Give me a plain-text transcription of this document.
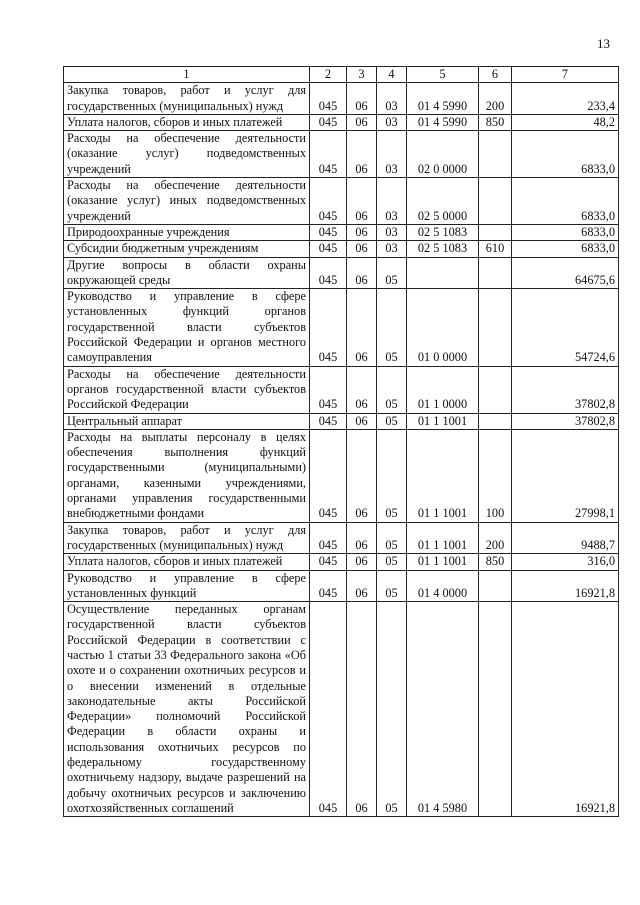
13
1	2	3	4	5	6	7
Закупка товаров, работ и услуг для государственных (муниципальных) нужд	045	06	03	01 4 5990	200	233,4
Уплата налогов, сборов и иных платежей	045	06	03	01 4 5990	850	48,2
Расходы на обеспечение деятельности (оказание услуг) подведомственных учреждений	045	06	03	02 0 0000		6833,0
Расходы на обеспечение деятельности (оказание услуг) иных подведомственных учреждений	045	06	03	02 5 0000		6833,0
Природоохранные учреждения	045	06	03	02 5 1083		6833,0
Субсидии бюджетным учреждениям	045	06	03	02 5 1083	610	6833,0
Другие вопросы в области охраны окружающей среды	045	06	05			64675,6
Руководство и управление в сфере установленных функций органов государственной власти субъектов Российской Федерации и органов местного самоуправления	045	06	05	01 0 0000		54724,6
Расходы на обеспечение деятельности органов государственной власти субъектов Российской Федерации	045	06	05	01 1 0000		37802,8
Центральный аппарат	045	06	05	01 1 1001		37802,8
Расходы на выплаты персоналу в целях обеспечения выполнения функций государственными (муниципальными) органами, казенными учреждениями, органами управления государственными внебюджетными фондами	045	06	05	01 1 1001	100	27998,1
Закупка товаров, работ и услуг для государственных (муниципальных) нужд	045	06	05	01 1 1001	200	9488,7
Уплата налогов, сборов и иных платежей	045	06	05	01 1 1001	850	316,0
Руководство и управление в сфере установленных функций	045	06	05	01 4 0000		16921,8
Осуществление переданных органам государственной власти субъектов Российской Федерации в соответствии с частью 1 статьи 33 Федерального закона «Об охоте и о сохранении охотничьих ресурсов и о внесении изменений в отдельные законодательные акты Российской Федерации» полномочий Российской Федерации в области охраны и использования охотничьих ресурсов по федеральному государственному охотничьему надзору, выдаче разрешений на добычу охотничьих ресурсов и заключению охотхозяйственных соглашений	045	06	05	01 4 5980		16921,8
